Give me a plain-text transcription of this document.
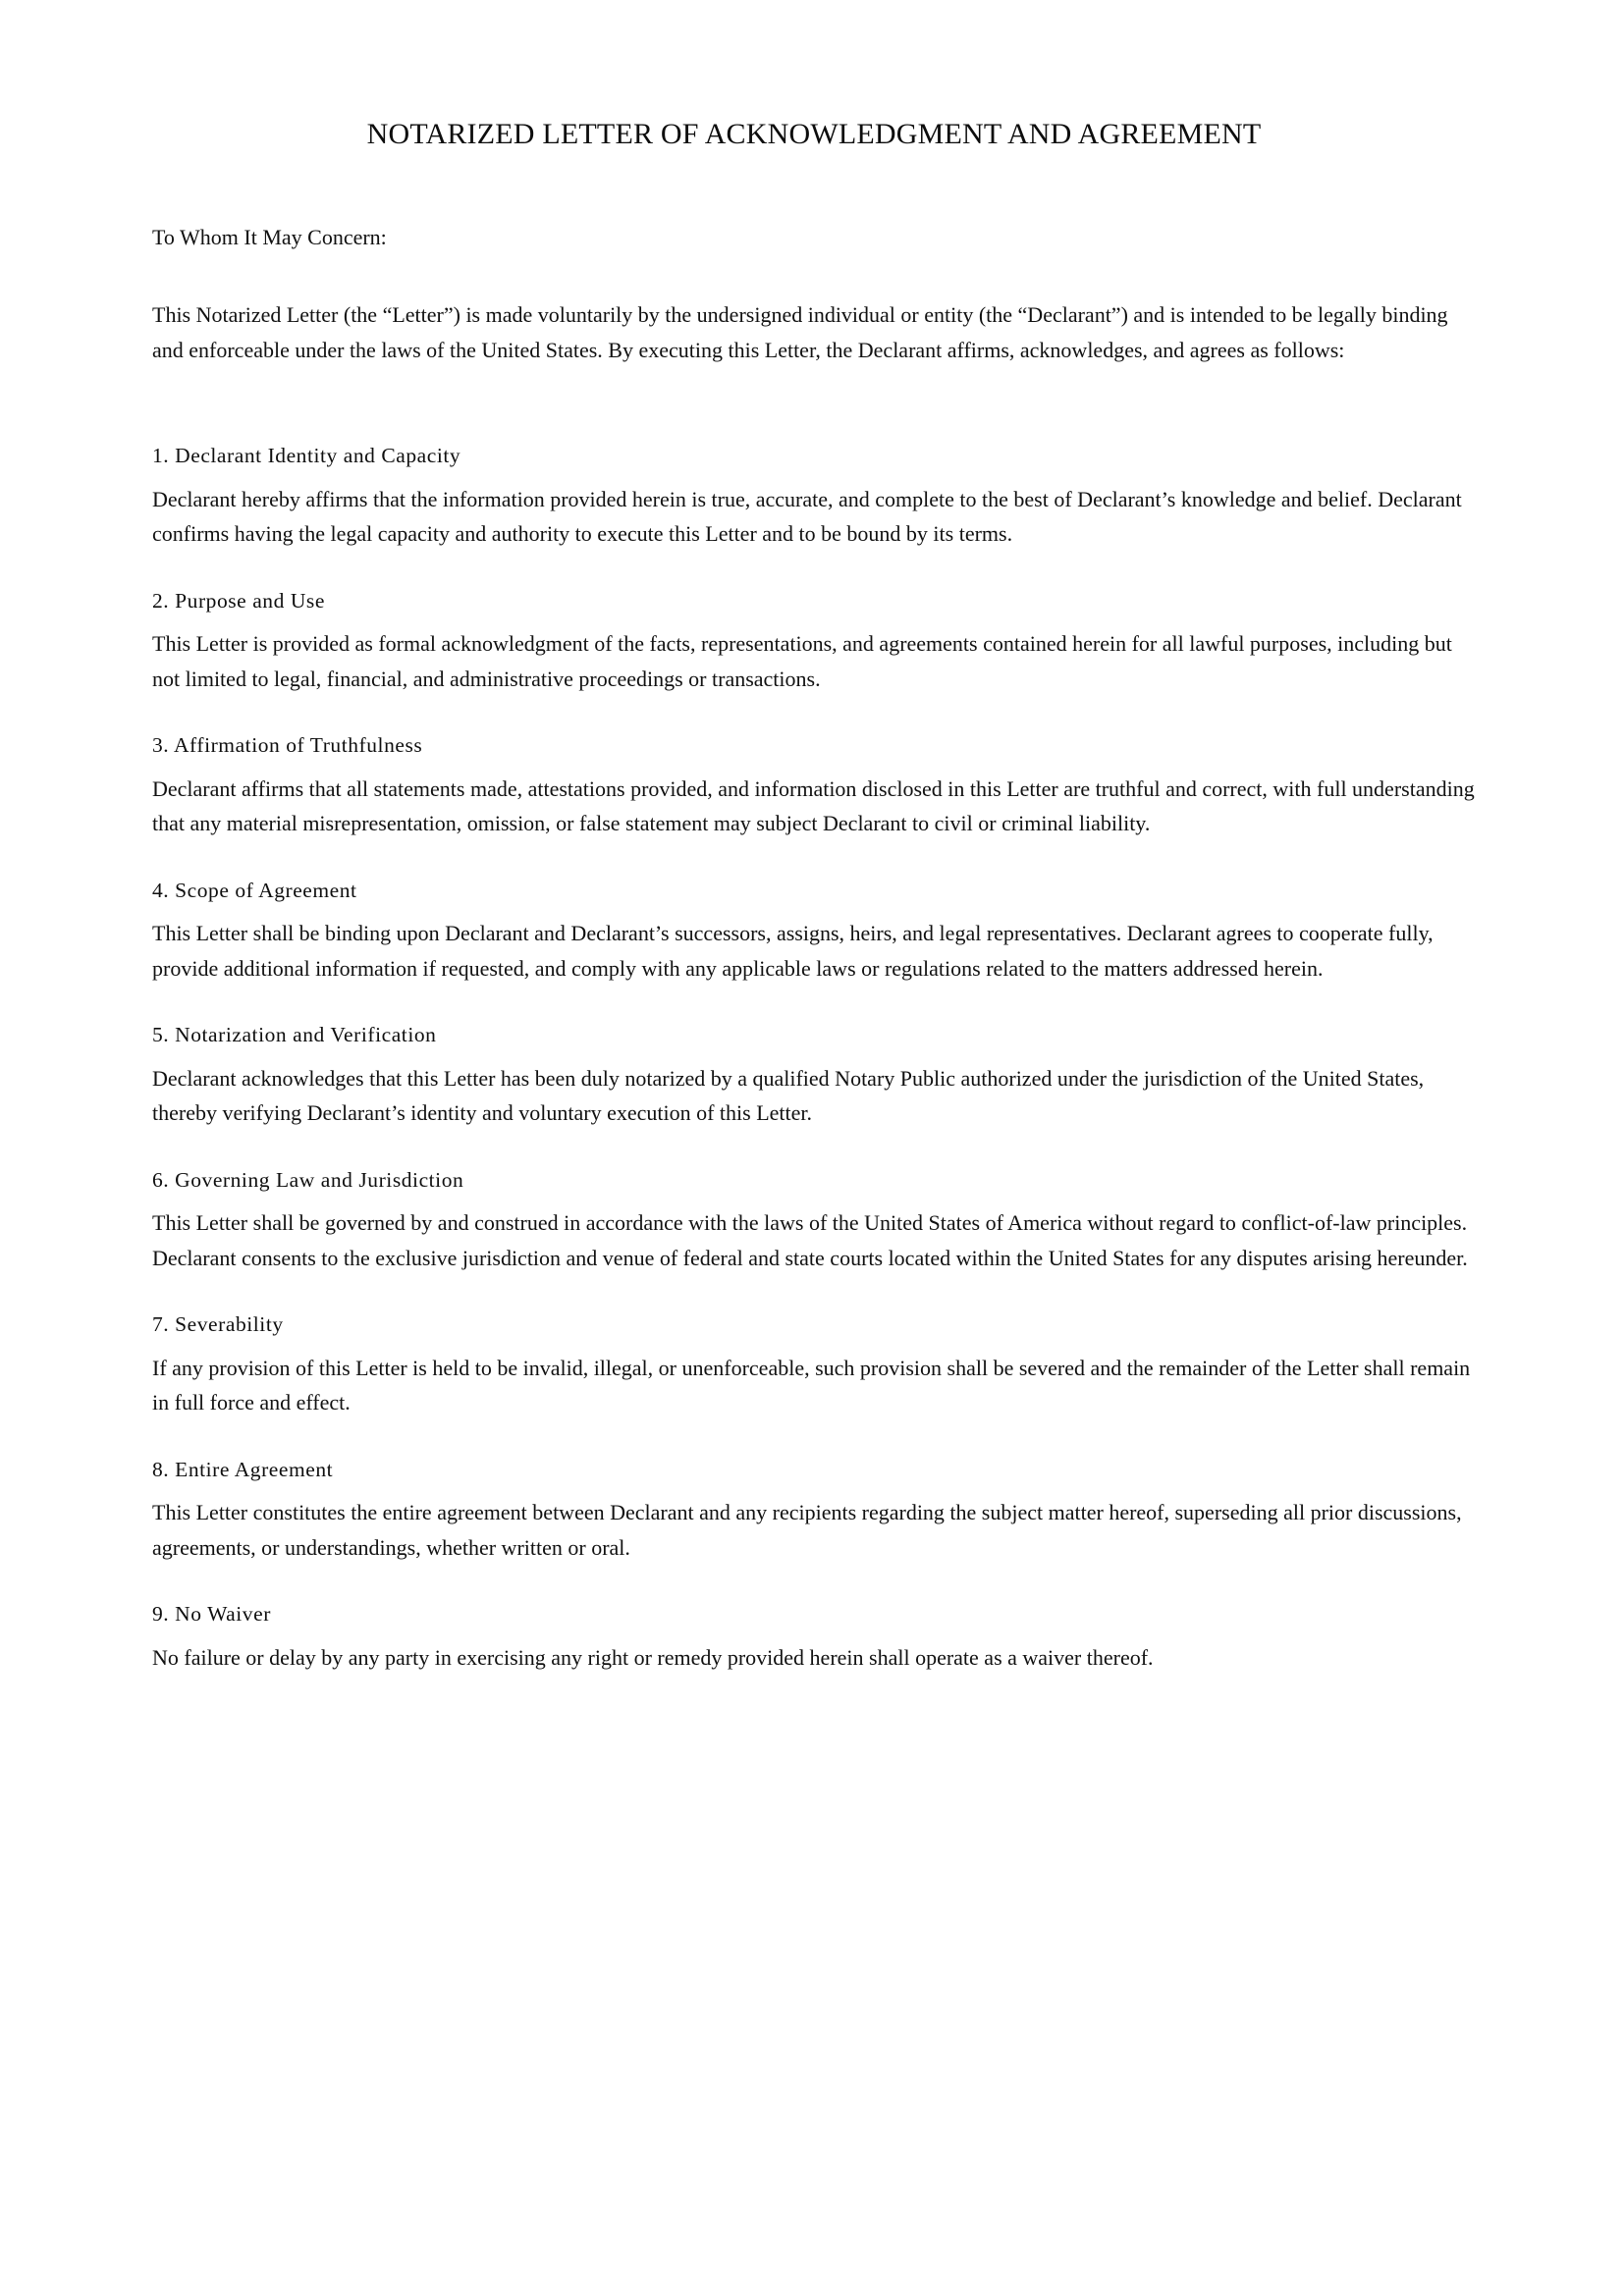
NOTARIZED LETTER OF ACKNOWLEDGMENT AND AGREEMENT

To Whom It May Concern:

This Notarized Letter (the “Letter”) is made voluntarily by the undersigned individual or entity (the “Declarant”) and is intended to be legally binding and enforceable under the laws of the United States. By executing this Letter, the Declarant affirms, acknowledges, and agrees as follows:

1. Declarant Identity and Capacity

Declarant hereby affirms that the information provided herein is true, accurate, and complete to the best of Declarant’s knowledge and belief. Declarant confirms having the legal capacity and authority to execute this Letter and to be bound by its terms.

2. Purpose and Use

This Letter is provided as formal acknowledgment of the facts, representations, and agreements contained herein for all lawful purposes, including but not limited to legal, financial, and administrative proceedings or transactions.

3. Affirmation of Truthfulness

Declarant affirms that all statements made, attestations provided, and information disclosed in this Letter are truthful and correct, with full understanding that any material misrepresentation, omission, or false statement may subject Declarant to civil or criminal liability.

4. Scope of Agreement

This Letter shall be binding upon Declarant and Declarant’s successors, assigns, heirs, and legal representatives. Declarant agrees to cooperate fully, provide additional information if requested, and comply with any applicable laws or regulations related to the matters addressed herein.

5. Notarization and Verification

Declarant acknowledges that this Letter has been duly notarized by a qualified Notary Public authorized under the jurisdiction of the United States, thereby verifying Declarant’s identity and voluntary execution of this Letter.

6. Governing Law and Jurisdiction

This Letter shall be governed by and construed in accordance with the laws of the United States of America without regard to conflict-of-law principles. Declarant consents to the exclusive jurisdiction and venue of federal and state courts located within the United States for any disputes arising hereunder.

7. Severability

If any provision of this Letter is held to be invalid, illegal, or unenforceable, such provision shall be severed and the remainder of the Letter shall remain in full force and effect.

8. Entire Agreement

This Letter constitutes the entire agreement between Declarant and any recipients regarding the subject matter hereof, superseding all prior discussions, agreements, or understandings, whether written or oral.

9. No Waiver

No failure or delay by any party in exercising any right or remedy provided herein shall operate as a waiver thereof.
